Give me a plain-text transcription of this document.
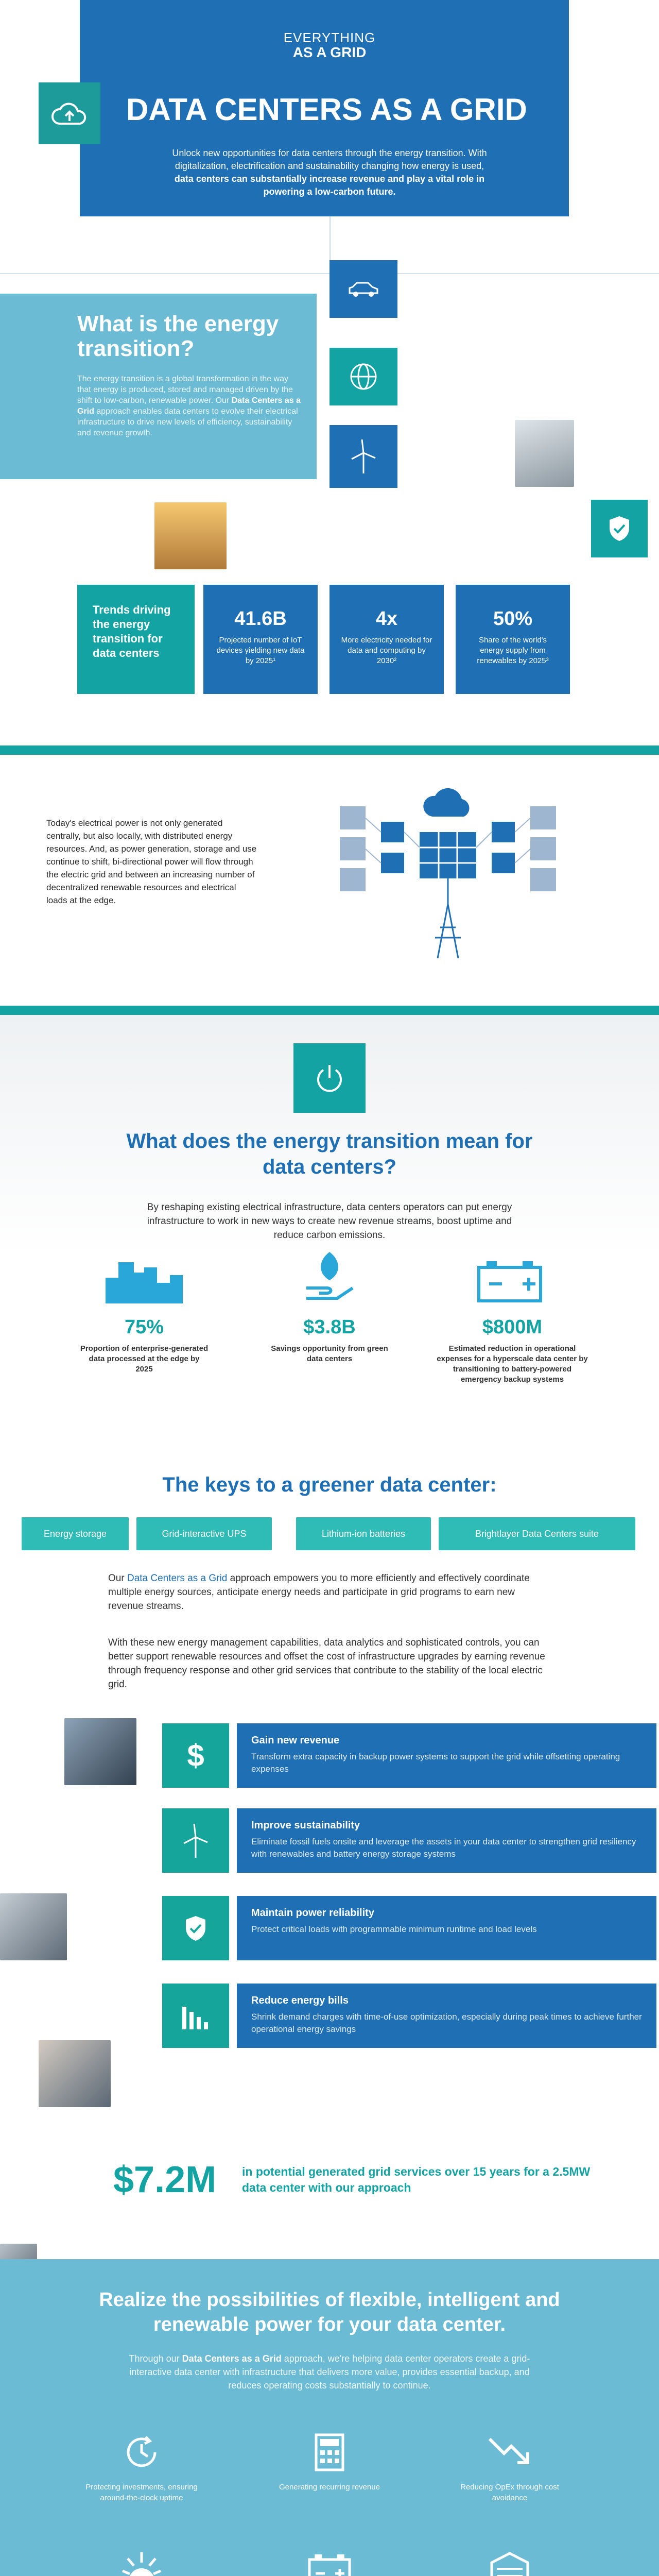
EVERYTHING
AS A GRID
DATA CENTERS AS A GRID
Unlock new opportunities for data centers through the energy transition. With digitalization, electrification and sustainability changing how energy is used, data centers can substantially increase revenue and play a vital role in powering a low-carbon future.
What is the energy transition?
The energy transition is a global transformation in the way that energy is produced, stored and managed driven by the shift to low-carbon, renewable power. Our Data Centers as a Grid approach enables data centers to evolve their electrical infrastructure to drive new levels of efficiency, sustainability and revenue growth.
Trends driving the energy transition for data centers
41.6B
Projected number of IoT devices yielding new data by 2025¹
4x
More electricity needed for data and computing by 2030²
50%
Share of the world's energy supply from renewables by 2025³
Today's electrical power is not only generated centrally, but also locally, with distributed energy resources. And, as power generation, storage and use continue to shift, bi-directional power will flow through the electric grid and between an increasing number of decentralized renewable resources and electrical loads at the edge.
What does the energy transition mean for data centers?
By reshaping existing electrical infrastructure, data centers operators can put energy infrastructure to work in new ways to create new revenue streams, boost uptime and reduce carbon emissions.
75%
Proportion of enterprise-generated data processed at the edge by 2025
$3.8B
Savings opportunity from green data centers
$800M
Estimated reduction in operational expenses for a hyperscale data center by transitioning to battery-powered emergency backup systems
The keys to a greener data center:
Energy storage	Grid-interactive UPS	Lithium-ion batteries	Brightlayer Data Centers suite
Our Data Centers as a Grid approach empowers you to more efficiently and effectively coordinate multiple energy sources, anticipate energy needs and participate in grid programs to earn new revenue streams.
With these new energy management capabilities, data analytics and sophisticated controls, you can better support renewable resources and offset the cost of infrastructure upgrades by earning revenue through frequency response and other grid services that contribute to the stability of the local electric grid.
$	Gain new revenue

Transform extra capacity in backup power systems to support the grid while offsetting operating expenses

Improve sustainability

Eliminate fossil fuels onsite and leverage the assets in your data center to strengthen grid resiliency with renewables and battery energy storage systems

Maintain power reliability

Protect critical loads with programmable minimum runtime and load levels

Reduce energy bills

Shrink demand charges with time-of-use optimization, especially during peak times to achieve further operational energy savings

$7.2M	in potential generated grid services over 15 years for a 2.5MW data center with our approach
Realize the possibilities of flexible, intelligent and renewable power for your data center.
Through our Data Centers as a Grid approach, we're helping data center operators create a grid-interactive data center with infrastructure that delivers more value, provides essential backup, and reduces operating costs substantially to continue.
Protecting investments, ensuring around-the-clock uptime
Generating recurring revenue	Reducing OpEx through cost avoidance
